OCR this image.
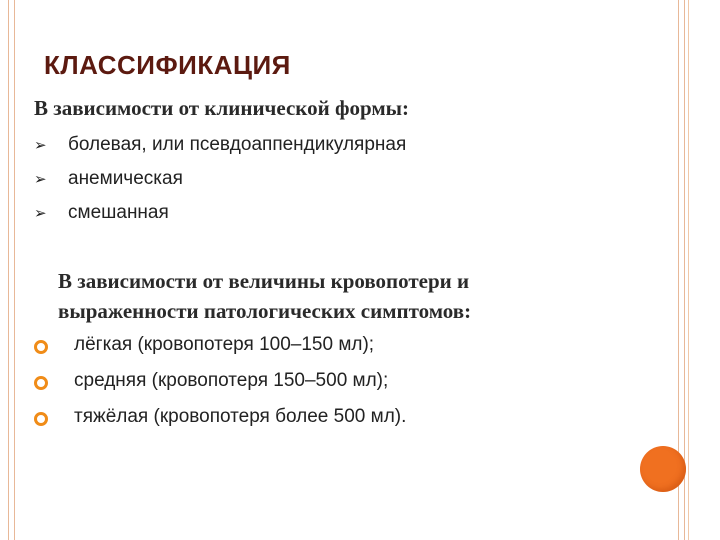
КЛАССИФИКАЦИЯ
В зависимости от клинической формы:
➢ болевая, или псевдоаппендикулярная
➢ анемическая
➢ смешанная
В зависимости от величины кровопотери и
выраженности патологических симптомов:
лёгкая (кровопотеря 100–150 мл);
средняя (кровопотеря 150–500 мл);
тяжёлая (кровопотеря более 500 мл).
